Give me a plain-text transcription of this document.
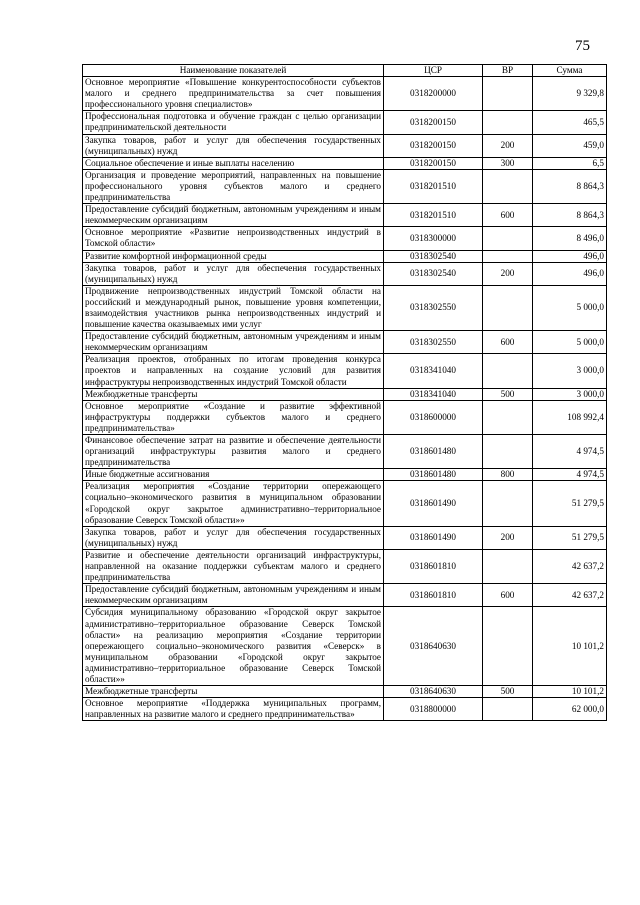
75
Наименование показателей	ЦСР	ВР	Сумма
Основное мероприятие «Повышение конкурентоспособности субъектов малого и среднего предпринимательства за счет повышения профессионального уровня специалистов»	0318200000		9 329,8
Профессиональная подготовка и обучение граждан с целью организации предпринимательской деятельности	0318200150		465,5
Закупка товаров, работ и услуг для обеспечения государственных (муниципальных) нужд	0318200150	200	459,0
Социальное обеспечение и иные выплаты населению	0318200150	300	6,5
Организация и проведение мероприятий, направленных на повышение профессионального уровня субъектов малого и среднего предпринимательства	0318201510		8 864,3
Предоставление субсидий бюджетным, автономным учреждениям и иным некоммерческим организациям	0318201510	600	8 864,3
Основное мероприятие «Развитие непроизводственных индустрий в Томской области»	0318300000		8 496,0
Развитие комфортной информационной среды	0318302540		496,0
Закупка товаров, работ и услуг для обеспечения государственных (муниципальных) нужд	0318302540	200	496,0
Продвижение непроизводственных индустрий Томской области на российский и международный рынок, повышение уровня компетенции, взаимодействия участников рынка непроизводственных индустрий и повышение качества оказываемых ими услуг	0318302550		5 000,0
Предоставление субсидий бюджетным, автономным учреждениям и иным некоммерческим организациям	0318302550	600	5 000,0
Реализация проектов, отобранных по итогам проведения конкурса проектов и направленных на создание условий для развития инфраструктуры непроизводственных индустрий Томской области	0318341040		3 000,0
Межбюджетные трансферты	0318341040	500	3 000,0
Основное мероприятие «Создание и развитие эффективной инфраструктуры поддержки субъектов малого и среднего предпринимательства»	0318600000		108 992,4
Финансовое обеспечение затрат на развитие и обеспечение деятельности организаций инфраструктуры развития малого и среднего предпринимательства	0318601480		4 974,5
Иные бюджетные ассигнования	0318601480	800	4 974,5
Реализация мероприятия «Создание территории опережающего социально–экономического развития в муниципальном образовании «Городской округ закрытое административно–территориальное образование Северск Томской области»»	0318601490		51 279,5
Закупка товаров, работ и услуг для обеспечения государственных (муниципальных) нужд	0318601490	200	51 279,5
Развитие и обеспечение деятельности организаций инфраструктуры, направленной на оказание поддержки субъектам малого и среднего предпринимательства	0318601810		42 637,2
Предоставление субсидий бюджетным, автономным учреждениям и иным некоммерческим организациям	0318601810	600	42 637,2
Субсидия муниципальному образованию «Городской округ закрытое административно–территориальное образование Северск Томской области» на реализацию мероприятия «Создание территории опережающего социально–экономического развития «Северск» в муниципальном образовании «Городской округ закрытое административно–территориальное образование Северск Томской области»»	0318640630		10 101,2
Межбюджетные трансферты	0318640630	500	10 101,2
Основное мероприятие «Поддержка муниципальных программ, направленных на развитие малого и среднего предпринимательства»	0318800000		62 000,0
